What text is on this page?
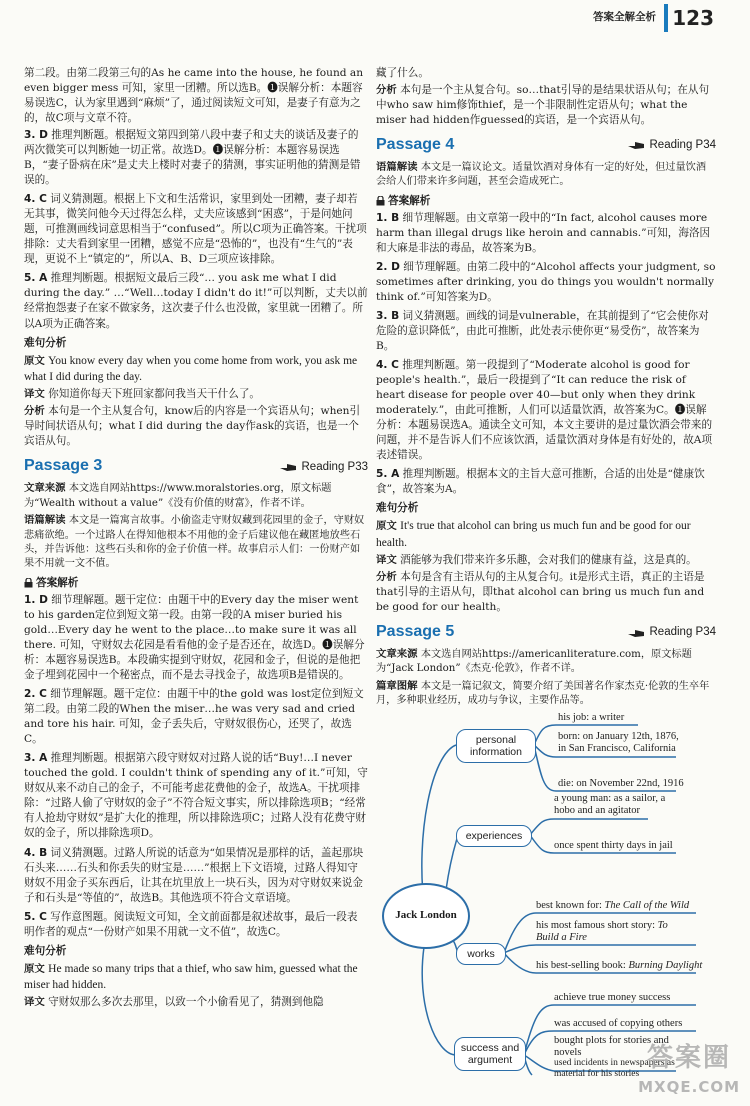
答案全解全析 123

第二段。由第二段第三句的As he came into the house, he found an even bigger mess 可知，家里一团糟。所以选B。❶误解分析：本题容易误选C，认为家里遇到“麻烦”了，通过阅读短文可知，是妻子有意为之的，故C项与文章不符。

3. D 推理判断题。根据短文第四到第八段中妻子和丈夫的谈话及妻子的两次微笑可以判断她一切正常。故选D。❶误解分析：本题容易误选B，“妻子卧病在床”是丈夫上楼时对妻子的猜测，事实证明他的猜测是错误的。

4. C 词义猜测题。根据上下文和生活常识，家里到处一团糟，妻子却若无其事，微笑问他今天过得怎么样，丈夫应该感到“困惑”，于是问她问题，可推测画线词意思相当于“confused”。所以C项为正确答案。干扰项排除：丈夫看到家里一团糟，感觉不应是“恐怖的”，也没有“生气的”表现，更说不上“镇定的”，所以A、B、D三项应该排除。

5. A 推理判断题。根据短文最后三段“… you ask me what I did during the day.” …“Well…today I didn't do it!”可以判断，丈夫以前经常抱怨妻子在家不做家务，这次妻子什么也没做，家里就一团糟了。所以A项为正确答案。

难句分析

原文 You know every day when you come home from work, you ask me what I did during the day.

译文 你知道你每天下班回家都问我当天干什么了。

分析 本句是一个主从复合句，know后的内容是一个宾语从句；when引导时间状语从句；what I did during the day作ask的宾语，也是一个宾语从句。

Passage 3	Reading P33

文章来源 本文选自网站https://www.moralstories.org，原文标题为“Wealth without a value”《没有价值的财富》，作者不详。

语篇解读 本文是一篇寓言故事。小偷盗走守财奴藏到花园里的金子，守财奴悲痛欲绝。一个过路人在得知他根本不用他的金子后建议他在藏匿地放些石头，并告诉他：这些石头和你的金子价值一样。故事启示人们：一份财产如果不用就一文不值。

答案解析

1. D 细节理解题。题干定位：由题干中的Every day the miser went to his garden定位到短文第一段。由第一段的A miser buried his gold…Every day he went to the place…to make sure it was all there. 可知，守财奴去花园是看看他的金子是否还在，故选D。❶误解分析：本题容易误选B。本段确实提到守财奴，花园和金子，但说的是他把金子埋到花园中一个秘密点，而不是去寻找金子，故选项B是错误的。

2. C 细节理解题。题干定位：由题干中的the gold was lost定位到短文第二段。由第二段的When the miser…he was very sad and cried and tore his hair. 可知，金子丢失后，守财奴很伤心，还哭了，故选C。

3. A 推理判断题。根据第六段守财奴对过路人说的话“Buy!…I never touched the gold. I couldn't think of spending any of it.”可知，守财奴从来不动自己的金子，不可能考虑花费他的金子，故选A。干扰项排除：“过路人偷了守财奴的金子”不符合短文事实，所以排除选项B；“经常有人抢劫守财奴”是扩大化的推理，所以排除选项C；过路人没有花费守财奴的金子，所以排除选项D。

4. B 词义猜测题。过路人所说的话意为“如果情况是那样的话，盖起那块石头来……石头和你丢失的财宝是……”根据上下文语境，过路人得知守财奴不用金子买东西后，让其在坑里放上一块石头，因为对守财奴来说金子和石头是“等值的”，故选B。其他选项不符合文章语境。

5. C 写作意图题。阅读短文可知，全文前面都是叙述故事，最后一段表明作者的观点“一份财产如果不用就一文不值”，故选C。

难句分析

原文 He made so many trips that a thief, who saw him, guessed what the miser had hidden.

译文 守财奴那么多次去那里，以致一个小偷看见了，猜测到他隐

藏了什么。

分析 本句是一个主从复合句。so…that引导的是结果状语从句；在从句中who saw him修饰thief，是一个非限制性定语从句；what the miser had hidden作guessed的宾语，是一个宾语从句。

Passage 4	Reading P34

语篇解读 本文是一篇议论文。适量饮酒对身体有一定的好处，但过量饮酒会给人们带来许多问题，甚至会造成死亡。

答案解析

1. B 细节理解题。由文章第一段中的“In fact, alcohol causes more harm than illegal drugs like heroin and cannabis.”可知，海洛因和大麻是非法的毒品，故答案为B。

2. D 细节理解题。由第二段中的“Alcohol affects your judgment, so sometimes after drinking, you do things you wouldn't normally think of.”可知答案为D。

3. B 词义猜测题。画线的词是vulnerable，在其前提到了“它会使你对危险的意识降低”，由此可推断，此处表示使你更“易受伤”，故答案为B。

4. C 推理判断题。第一段提到了“Moderate alcohol is good for people's health.”，最后一段提到了“It can reduce the risk of heart disease for people over 40—but only when they drink moderately.”，由此可推断，人们可以适量饮酒，故答案为C。❶误解分析：本题易误选A。通读全文可知，本文主要讲的是过量饮酒会带来的问题，并不是告诉人们不应该饮酒，适量饮酒对身体是有好处的，故A项表述错误。

5. A 推理判断题。根据本文的主旨大意可推断，合适的出处是“健康饮食”，故答案为A。

难句分析

原文 It's true that alcohol can bring us much fun and be good for our health.

译文 酒能够为我们带来许多乐趣，会对我们的健康有益，这是真的。

分析 本句是含有主语从句的主从复合句。it是形式主语，真正的主语是that引导的主语从句，即that alcohol can bring us much fun and be good for our health。

Passage 5	Reading P34

文章来源 本文选自网站https://americanliterature.com，原文标题为“Jack London”《杰克·伦敦》，作者不详。

篇章图解 本文是一篇记叙文，简要介绍了美国著名作家杰克·伦敦的生卒年月，多种职业经历，成功与争议，主要作品等。

Jack London
personal information
experiences
works
success and argument
his job: a writer
born: on January 12th, 1876, in San Francisco, California
die: on November 22nd, 1916
a young man: as a sailor, a hobo and an agitator
once spent thirty days in jail
best known for: The Call of the Wild
his most famous short story: To Build a Fire
his best-selling book: Burning Daylight
achieve true money success
was accused of copying others
bought plots for stories and novels
used incidents in newspapers as material for his stories
答案圈
MXQE.COM
